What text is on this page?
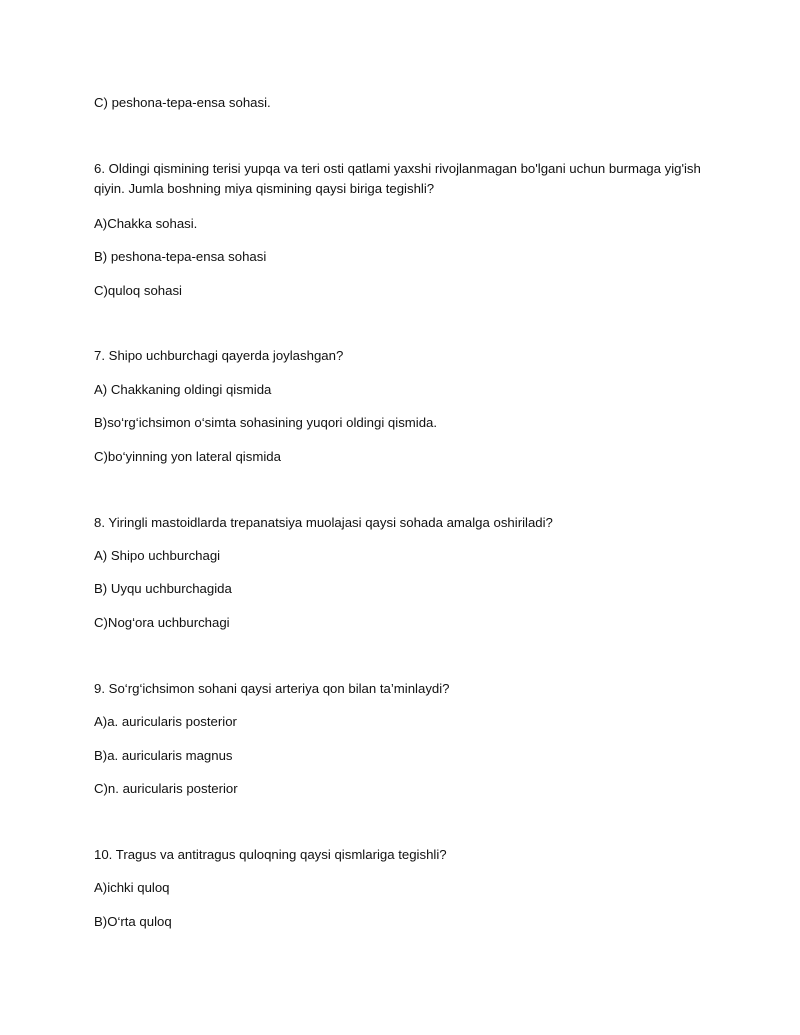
C) peshona-tepa-ensa sohasi.

6. Oldingi qismining terisi yupqa va teri osti qatlami yaxshi rivojlanmagan bo'lgani uchun burmaga yig'ish qiyin. Jumla boshning miya qismining qaysi biriga tegishli?

A)Chakka sohasi.

B) peshona-tepa-ensa sohasi

C)quloq sohasi

7. Shipo uchburchagi qayerda joylashgan?

A) Chakkaning oldingi qismida

B)so‘rg‘ichsimon o‘simta sohasining yuqori oldingi qismida.

C)bo‘yinning yon lateral qismida

8. Yiringli mastoidlarda trepanatsiya muolajasi qaysi sohada amalga oshiriladi?

A) Shipo uchburchagi

B) Uyqu uchburchagida

C)Nog‘ora uchburchagi

9. So‘rg‘ichsimon sohani qaysi arteriya qon bilan ta’minlaydi?

A)a. auricularis posterior

B)a. auricularis magnus

C)n. auricularis posterior

10. Tragus va antitragus quloqning qaysi qismlariga tegishli?

A)ichki quloq

B)O‘rta quloq
